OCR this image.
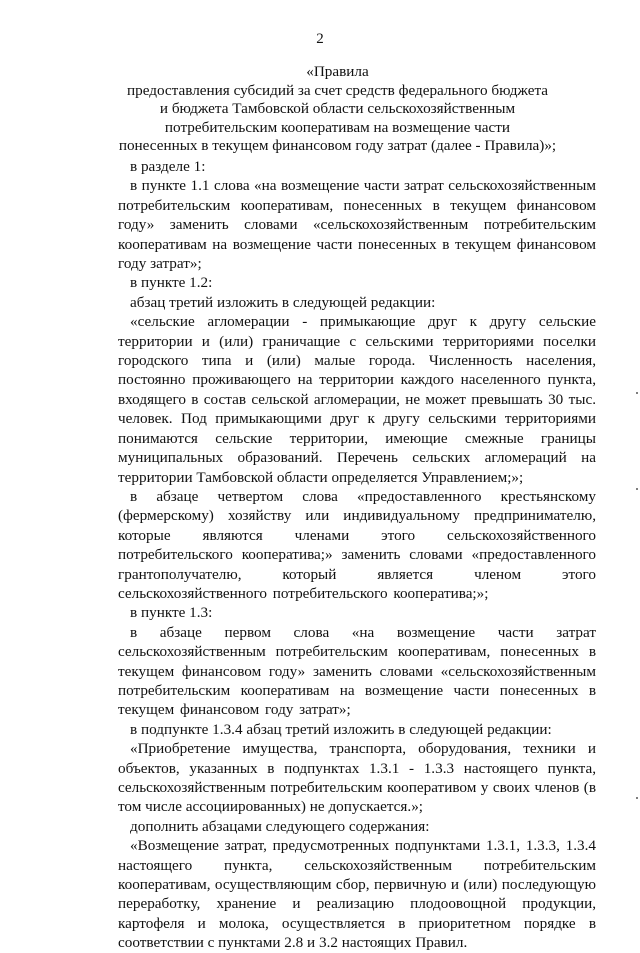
2
«Правила
предоставления субсидий за счет средств федерального бюджета
и бюджета Тамбовской области сельскохозяйственным
потребительским кооперативам на возмещение части
понесенных в текущем финансовом году затрат (далее - Правила)»;

в разделе 1:

в пункте 1.1 слова «на возмещение части затрат сельскохозяйственным потребительским кооперативам, понесенных в текущем финансовом году» заменить словами «сельскохозяйственным потребительским кооперативам на возмещение части понесенных в текущем финансовом году затрат»;

в пункте 1.2:

абзац третий изложить в следующей редакции:

«сельские агломерации - примыкающие друг к другу сельские территории и (или) граничащие с сельскими территориями поселки городского типа и (или) малые города. Численность населения, постоянно проживающего на территории каждого населенного пункта, входящего в состав сельской агломерации, не может превышать 30 тыс. человек. Под примыкающими друг к другу сельскими территориями понимаются сельские территории, имеющие смежные границы муниципальных образований. Перечень сельских агломераций на территории Тамбовской области определяется Управлением;»;

в абзаце четвертом слова «предоставленного крестьянскому (фермерскому) хозяйству или индивидуальному предпринимателю, которые являются членами этого сельскохозяйственного потребительского кооператива;» заменить словами «предоставленного грантополучателю, который является членом этого сельскохозяйственного потребительского кооператива;»;

в пункте 1.3:

в абзаце первом слова «на возмещение части затрат сельскохозяйственным потребительским кооперативам, понесенных в текущем финансовом году» заменить словами «сельскохозяйственным потребительским кооперативам на возмещение части понесенных в текущем финансовом году затрат»;

в подпункте 1.3.4 абзац третий изложить в следующей редакции:

«Приобретение имущества, транспорта, оборудования, техники и объектов, указанных в подпунктах 1.3.1 - 1.3.3 настоящего пункта, сельскохозяйственным потребительским кооперативом у своих членов (в том числе ассоциированных) не допускается.»;

дополнить абзацами следующего содержания:

«Возмещение затрат, предусмотренных подпунктами 1.3.1, 1.3.3, 1.3.4 настоящего пункта, сельскохозяйственным потребительским кооперативам, осуществляющим сбор, первичную и (или) последующую переработку, хранение и реализацию плодоовощной продукции, картофеля и молока, осуществляется в приоритетном порядке в соответствии с пунктами 2.8 и 3.2 настоящих Правил.
